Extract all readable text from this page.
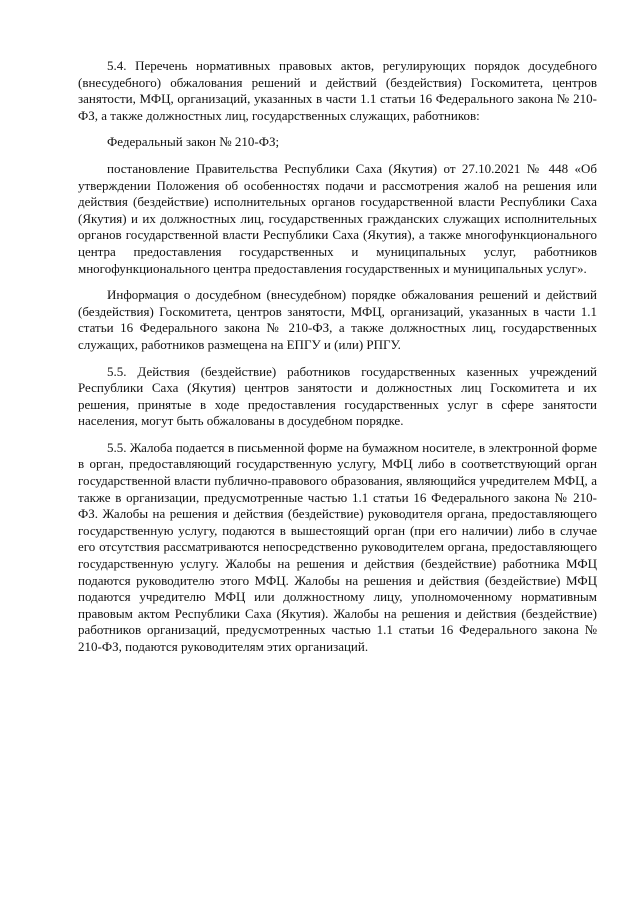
5.4. Перечень нормативных правовых актов, регулирующих порядок досудебного (внесудебного) обжалования решений и действий (бездействия) Госкомитета, центров занятости, МФЦ, организаций, указанных в части 1.1 статьи 16 Федерального закона № 210-ФЗ, а также должностных лиц, государственных служащих, работников:

Федеральный закон № 210-ФЗ;

постановление Правительства Республики Саха (Якутия) от 27.10.2021 № 448 «Об утверждении Положения об особенностях подачи и рассмотрения жалоб на решения или действия (бездействие) исполнительных органов государственной власти Республики Саха (Якутия) и их должностных лиц, государственных гражданских служащих исполнительных органов государственной власти Республики Саха (Якутия), а также многофункционального центра предоставления государственных и муниципальных услуг, работников многофункционального центра предоставления государственных и муниципальных услуг».

Информация о досудебном (внесудебном) порядке обжалования решений и действий (бездействия) Госкомитета, центров занятости, МФЦ, организаций, указанных в части 1.1 статьи 16 Федерального закона № 210-ФЗ, а также должностных лиц, государственных служащих, работников размещена на ЕПГУ и (или) РПГУ.

5.5. Действия (бездействие) работников государственных казенных учреждений Республики Саха (Якутия) центров занятости и должностных лиц Госкомитета и их решения, принятые в ходе предоставления государственных услуг в сфере занятости населения, могут быть обжалованы в досудебном порядке.

5.5. Жалоба подается в письменной форме на бумажном носителе, в электронной форме в орган, предоставляющий государственную услугу, МФЦ либо в соответствующий орган государственной власти публично-правового образования, являющийся учредителем МФЦ, а также в организации, предусмотренные частью 1.1 статьи 16 Федерального закона № 210-ФЗ. Жалобы на решения и действия (бездействие) руководителя органа, предоставляющего государственную услугу, подаются в вышестоящий орган (при его наличии) либо в случае его отсутствия рассматриваются непосредственно руководителем органа, предоставляющего государственную услугу. Жалобы на решения и действия (бездействие) работника МФЦ подаются руководителю этого МФЦ. Жалобы на решения и действия (бездействие) МФЦ подаются учредителю МФЦ или должностному лицу, уполномоченному нормативным правовым актом Республики Саха (Якутия). Жалобы на решения и действия (бездействие) работников организаций, предусмотренных частью 1.1 статьи 16 Федерального закона № 210-ФЗ, подаются руководителям этих организаций.
